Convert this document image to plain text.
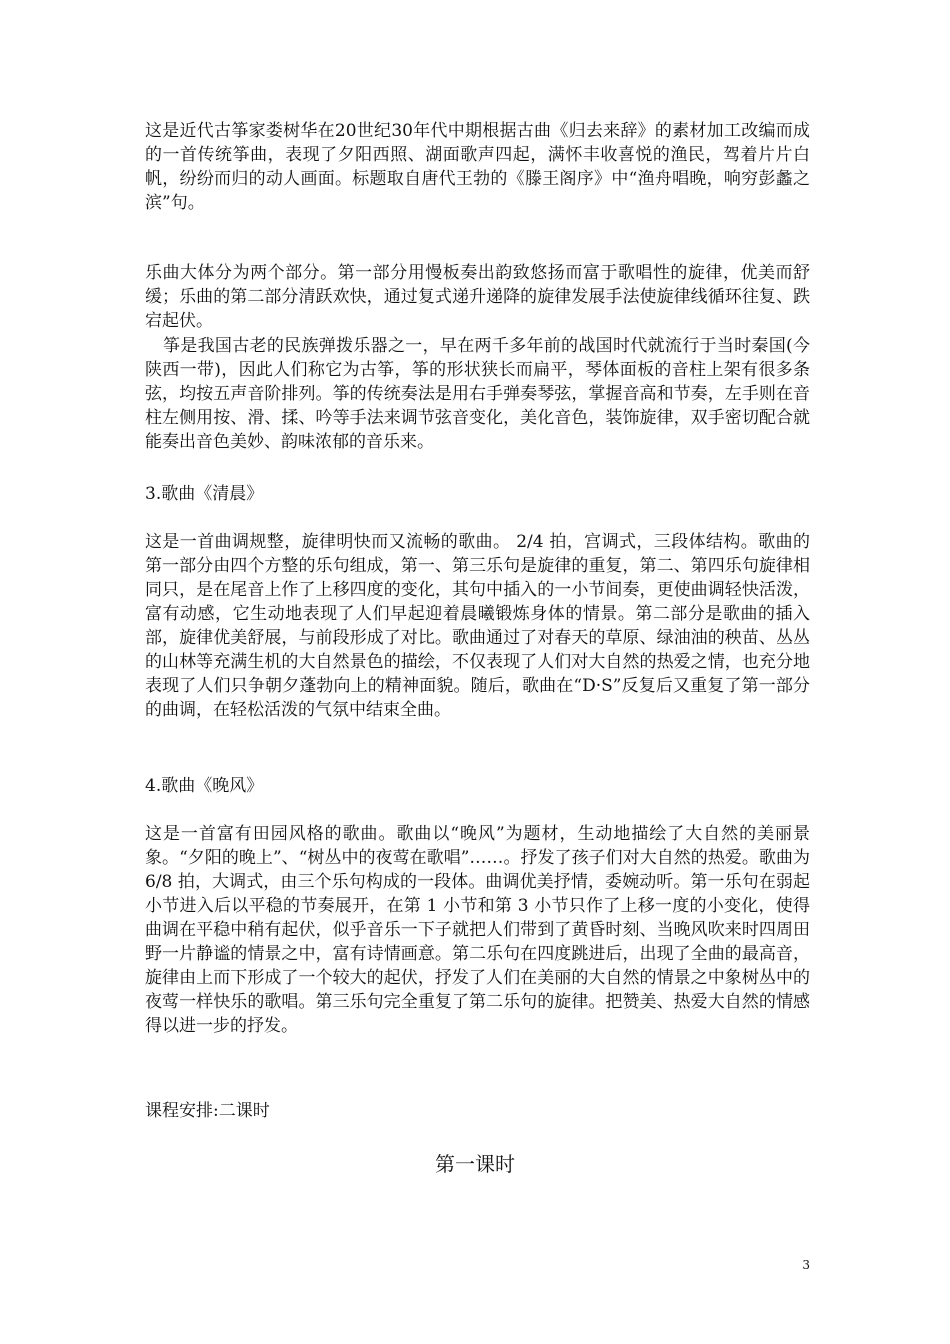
这是近代古筝家娄树华在20世纪30年代中期根据古曲《归去来辞》的素材加工改编而成的一首传统筝曲，表现了夕阳西照、湖面歌声四起，满怀丰收喜悦的渔民，驾着片片白帆，纷纷而归的动人画面。标题取自唐代王勃的《滕王阁序》中“渔舟唱晚，响穷彭蠡之滨”句。

乐曲大体分为两个部分。第一部分用慢板奏出韵致悠扬而富于歌唱性的旋律，优美而舒缓；乐曲的第二部分清跃欢快，通过复式递升递降的旋律发展手法使旋律线循环往复、跌宕起伏。

筝是我国古老的民族弹拨乐器之一，早在两千多年前的战国时代就流行于当时秦国(今陕西一带)，因此人们称它为古筝，筝的形状狭长而扁平，琴体面板的音柱上架有很多条弦，均按五声音阶排列。筝的传统奏法是用右手弹奏琴弦，掌握音高和节奏，左手则在音柱左侧用按、滑、揉、吟等手法来调节弦音变化，美化音色，装饰旋律，双手密切配合就能奏出音色美妙、韵味浓郁的音乐来。

3.歌曲《清晨》

这是一首曲调规整，旋律明快而又流畅的歌曲。 2/4 拍，宫调式，三段体结构。歌曲的第一部分由四个方整的乐句组成，第一、第三乐句是旋律的重复，第二、第四乐句旋律相同只，是在尾音上作了上移四度的变化，其句中插入的一小节间奏，更使曲调轻快活泼，富有动感，它生动地表现了人们早起迎着晨曦锻炼身体的情景。第二部分是歌曲的插入部，旋律优美舒展，与前段形成了对比。歌曲通过了对春天的草原、绿油油的秧苗、丛丛的山林等充满生机的大自然景色的描绘，不仅表现了人们对大自然的热爱之情，也充分地表现了人们只争朝夕蓬勃向上的精神面貌。随后，歌曲在“D·S”反复后又重复了第一部分的曲调，在轻松活泼的气氛中结束全曲。

4.歌曲《晚风》

这是一首富有田园风格的歌曲。歌曲以“晚风”为题材，生动地描绘了大自然的美丽景象。“夕阳的晚上”、“树丛中的夜莺在歌唱”……。抒发了孩子们对大自然的热爱。歌曲为 6/8 拍，大调式，由三个乐句构成的一段体。曲调优美抒情，委婉动听。第一乐句在弱起小节进入后以平稳的节奏展开，在第 1 小节和第 3 小节只作了上移一度的小变化，使得曲调在平稳中稍有起伏，似乎音乐一下子就把人们带到了黄昏时刻、当晚风吹来时四周田野一片静谧的情景之中，富有诗情画意。第二乐句在四度跳进后，出现了全曲的最高音，旋律由上而下形成了一个较大的起伏，抒发了人们在美丽的大自然的情景之中象树丛中的夜莺一样快乐的歌唱。第三乐句完全重复了第二乐句的旋律。把赞美、热爱大自然的情感得以进一步的抒发。

课程安排:二课时

第一课时

3
